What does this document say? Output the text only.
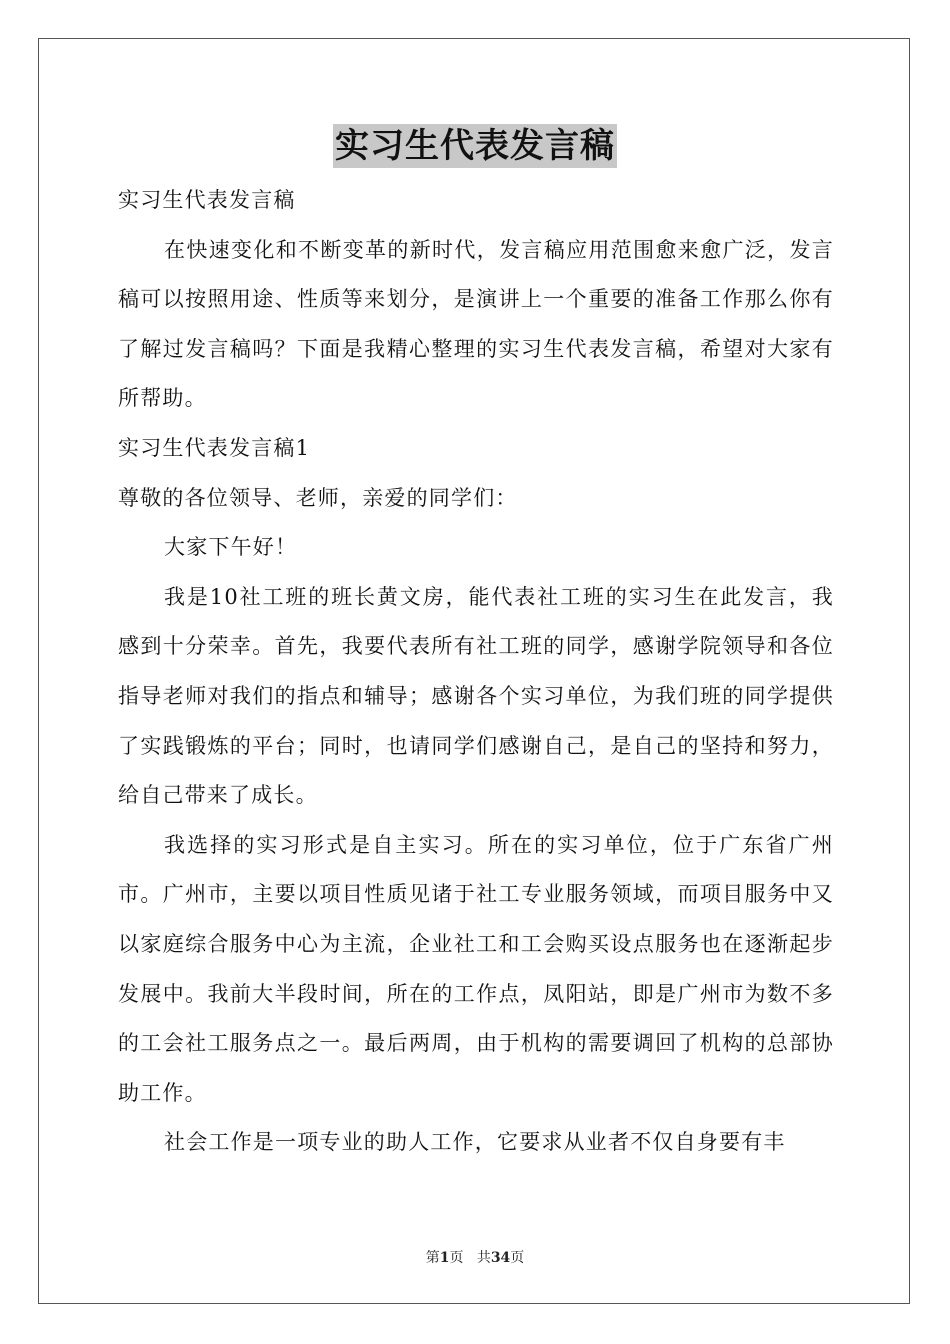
实习生代表发言稿

实习生代表发言稿

在快速变化和不断变革的新时代，发言稿应用范围愈来愈广泛，发言稿可以按照用途、性质等来划分，是演讲上一个重要的准备工作那么你有了解过发言稿吗？下面是我精心整理的实习生代表发言稿，希望对大家有所帮助。

实习生代表发言稿1

尊敬的各位领导、老师，亲爱的同学们：

大家下午好！

我是10社工班的班长黄文房，能代表社工班的实习生在此发言，我感到十分荣幸。首先，我要代表所有社工班的同学，感谢学院领导和各位指导老师对我们的指点和辅导；感谢各个实习单位，为我们班的同学提供了实践锻炼的平台；同时，也请同学们感谢自己，是自己的坚持和努力，给自己带来了成长。

我选择的实习形式是自主实习。所在的实习单位，位于广东省广州市。广州市，主要以项目性质见诸于社工专业服务领域，而项目服务中又以家庭综合服务中心为主流，企业社工和工会购买设点服务也在逐渐起步发展中。我前大半段时间，所在的工作点，凤阳站，即是广州市为数不多的工会社工服务点之一。最后两周，由于机构的需要调回了机构的总部协助工作。

社会工作是一项专业的助人工作，它要求从业者不仅自身要有丰

第1页 共34页
